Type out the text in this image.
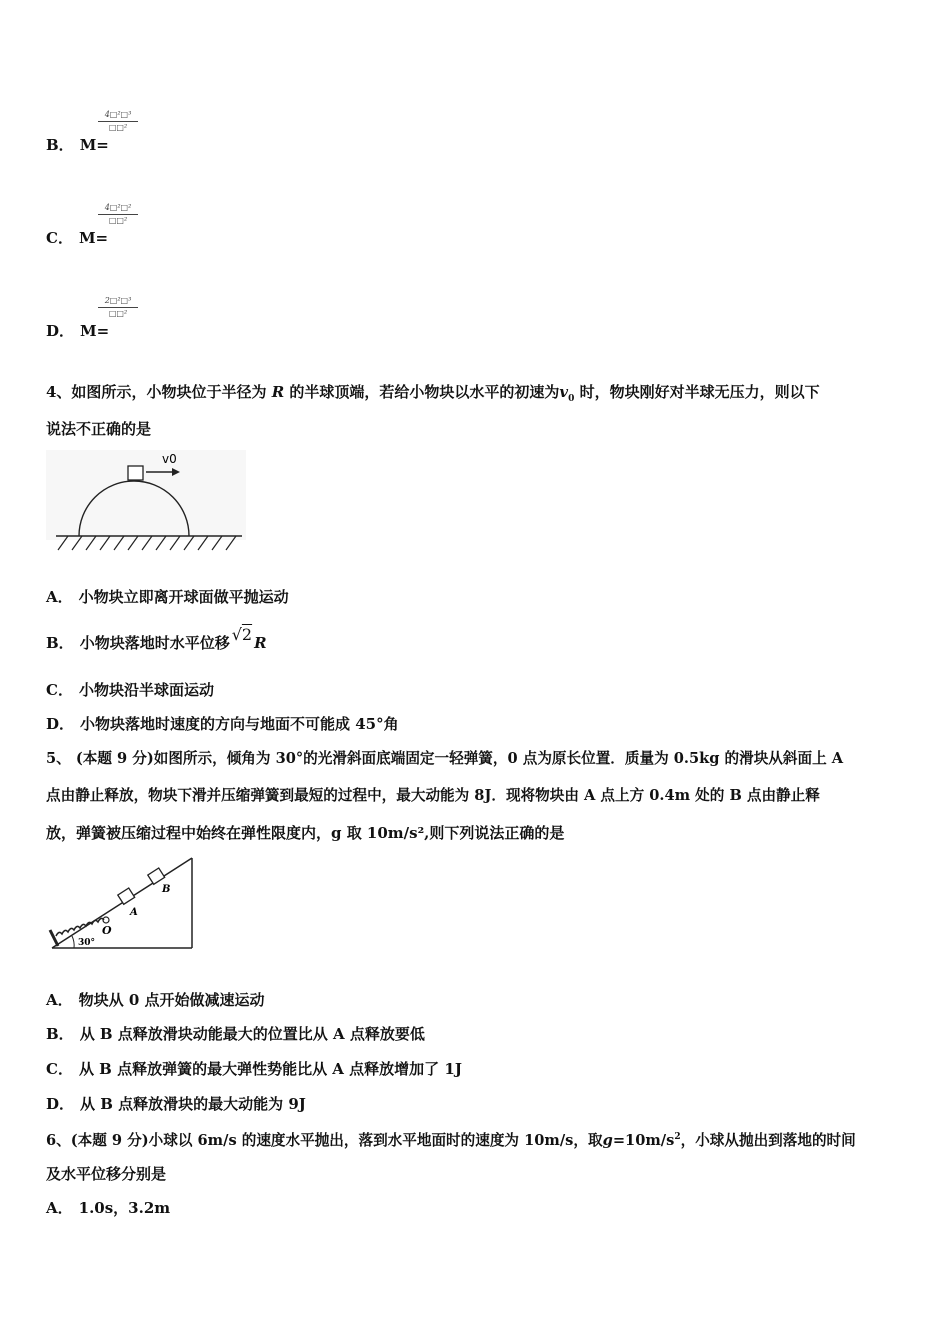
4□²□³
□□²
B． M=
4□²□²
□□²
C． M=
2□²□³
□□²
D． M=
4、如图所示，小物块位于半径为 R 的半球顶端，若给小物块以水平的初速为$v_0$ 时，物块刚好对半球无压力，则以下
说法不正确的是
v0
A． 小物块立即离开球面做平抛运动
B． 小物块落地时水平位移 √2 R
C． 小物块沿半球面运动
D． 小物块落地时速度的方向与地面不可能成 45°角
5、 (本题 9 分)如图所示，倾角为 30°的光滑斜面底端固定一轻弹簧，0 点为原长位置．质量为 0.5kg 的滑块从斜面上 A
点由静止释放，物块下滑并压缩弹簧到最短的过程中，最大动能为 8J．现将物块由 A 点上方 0.4m 处的 B 点由静止释
放，弹簧被压缩过程中始终在弹性限度内，g 取 10m/s²,则下列说法正确的是
O
A
B
30°
A． 物块从 0 点开始做减速运动
B． 从 B 点释放滑块动能最大的位置比从 A 点释放要低
C． 从 B 点释放弹簧的最大弹性势能比从 A 点释放增加了 1J
D． 从 B 点释放滑块的最大动能为 9J
6、(本题 9 分)小球以 6m/s 的速度水平抛出，落到水平地面时的速度为 10m/s，取$g=10m/s^2$，小球从抛出到落地的时间
及水平位移分别是
A． 1.0s，3.2m
